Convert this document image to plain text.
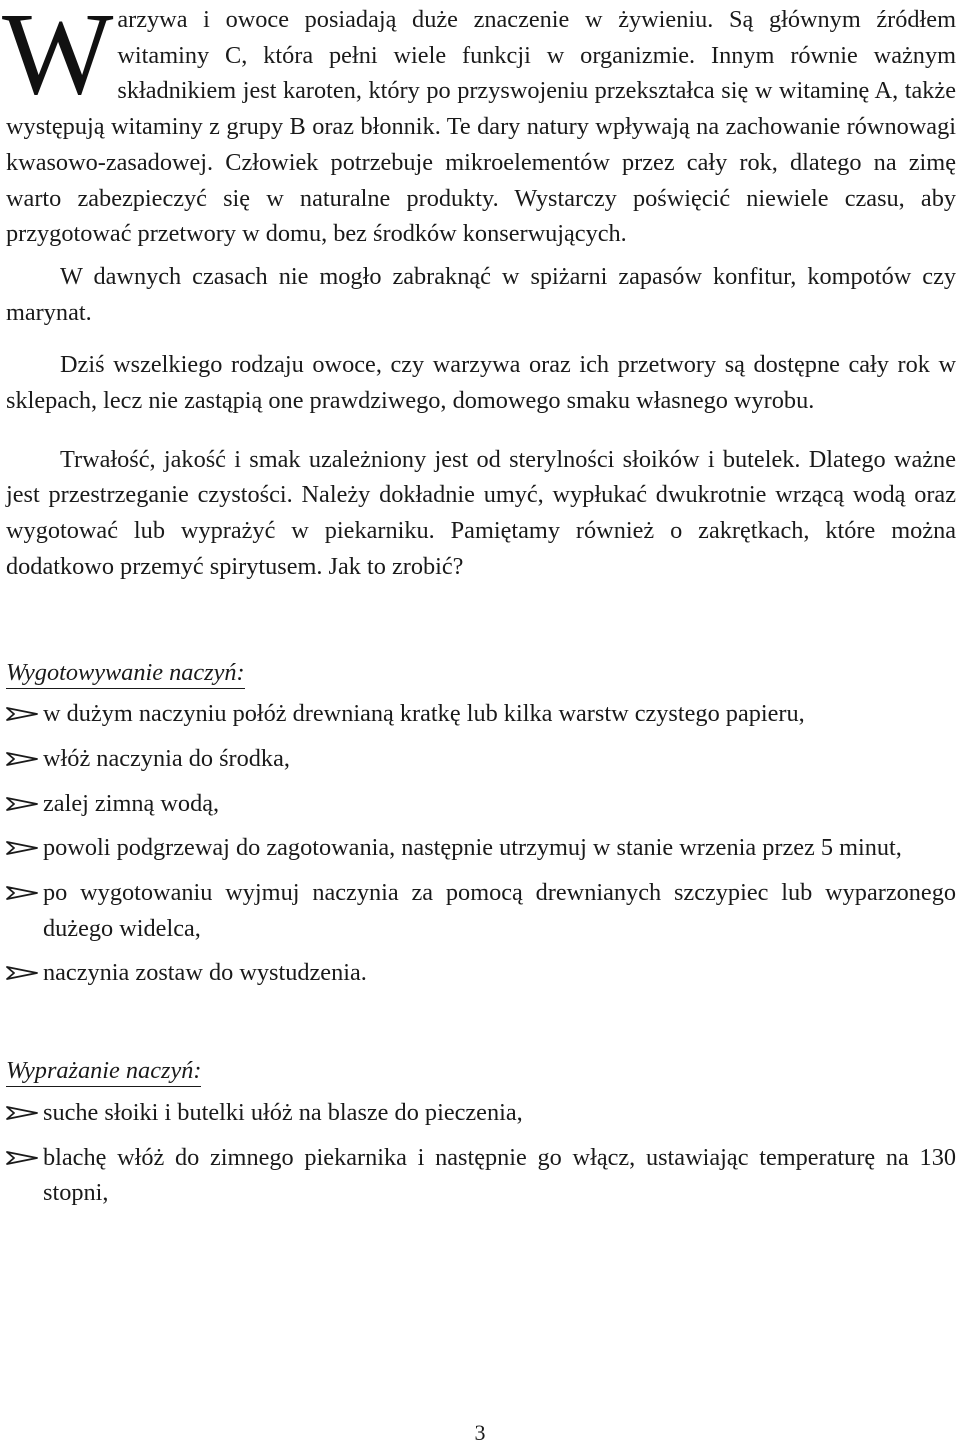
Warzywa i owoce posiadają duże znaczenie w żywieniu. Są głównym źródłem witaminy C, która pełni wiele funkcji w organizmie. Innym równie ważnym składnikiem jest karoten, który po przyswojeniu przekształca się w witaminę A, także występują witaminy z grupy B oraz błonnik. Te dary natury wpływają na zachowanie równowagi kwasowo-zasadowej. Człowiek potrzebuje mikroelementów przez cały rok, dlatego na zimę warto zabezpieczyć się w naturalne produkty. Wystarczy poświęcić niewiele czasu, aby przygotować przetwory w domu, bez środków konserwujących.

W dawnych czasach nie mogło zabraknąć w spiżarni zapasów konfitur, kompotów czy marynat.

Dziś wszelkiego rodzaju owoce, czy warzywa oraz ich przetwory są dostępne cały rok w sklepach, lecz nie zastąpią one prawdziwego, domowego smaku własnego wyrobu.

Trwałość, jakość i smak uzależniony jest od sterylności słoików i butelek. Dlatego ważne jest przestrzeganie czystości. Należy dokładnie umyć, wypłukać dwukrotnie wrzącą wodą oraz wygotować lub wyprażyć w piekarniku. Pamiętamy również o zakrętkach, które można dodatkowo przemyć spirytusem. Jak to zrobić?

Wygotowywanie naczyń:
w dużym naczyniu połóż drewnianą kratkę lub kilka warstw czystego papieru,
włóż naczynia do środka,
zalej zimną wodą,
powoli podgrzewaj do zagotowania, następnie utrzymuj w stanie wrzenia przez 5 minut,
po wygotowaniu wyjmuj naczynia za pomocą drewnianych szczypiec lub wyparzonego dużego widelca,
naczynia zostaw do wystudzenia.
Wyprażanie naczyń:
suche słoiki i butelki ułóż na blasze do pieczenia,
blachę włóż do zimnego piekarnika i następnie go włącz, ustawiając temperaturę na 130 stopni,
3
